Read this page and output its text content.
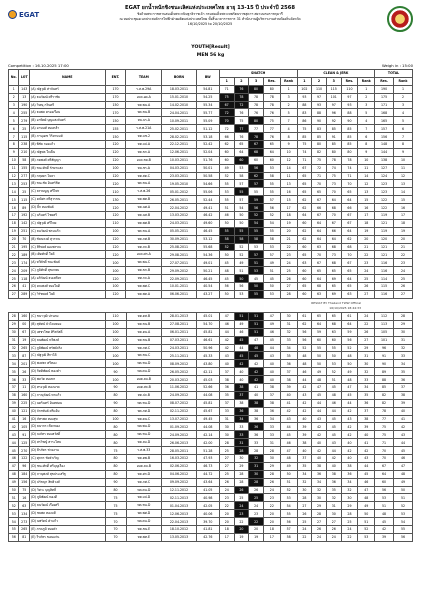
EGAT
EGAT ยกน้ำหนักชิงชนะเลิศแห่งประเทศไทย อายุ 13-15 ปี ประจำปี 2568
ชิงถ้วยพระราชทานสมเด็จพระกนิษฐาธิราชเจ้า กรมสมเด็จพระเทพรัตนราชสุดาฯ สยามบรมราชกุมารี
ณ หอประชุมอเนกประสงค์การไฟฟ้าฝ่ายผลิตแห่งประเทศไทย ทั้งสิ้นเวลาราชการ 31 สำนักงานผู้บริหารงานส่วนท้องถิ่นจังหวัด
16/10/2025 to 20/10/2025
YOUTH[Result]
MEN 56 kg
Competition : 16.10.2025 17:00	Weigh in : 15:00
No.	LOT	NAME	ENT.	TEAM	BORN	BW	SNATCH					CLEAN & JERK					TOTAL	
							1	2	3	Res.	Rank	1	2	3	Res.	Rank	Res.	Rank
1	143	(A) ณัฐวุฒิ ท่าจันทร์	170	ร.ส.พ.29A	18.03.2011	54.81	71	76	80	80	1	102	110	115	110	1	190	1
2	13	(A) ธนวัฒน์ ศรีราชัย	170	อบจ.อด.A	15.01.2010	54.25	75	78	78	78	3	93	97	101	97	2	175	2
3	190	(A) วิษณุ กวินศรี	150	ทต.พน.A	14.02.2010	55.34	67	72	78	78	2	88	93	97	93	3	171	3
4	255	(A) ธนพล ครองเรือน	170	ทต.ชน.B	24.04.2011	55.77	72	76	76	76	5	83	88	96	88	5	168	4
5	279	(B) อาทิตย์ บุญแสงจันทร์	150	ทม.บร.A	10.09.2011	55.09	70	75	80	75	7	86	90	92	90	4	165	5
6	25	(A) อานนท์ ทองกล้า	155	ร.ส.พ.21A	25.02.2011	51.12	72	77	77	77	4	75	83	85	85	7	157	6
7	115	(B) ภานุเดช วิริยานนท์	150	ทต.บช.2	28.02.2011	53.18	66	76	78	76	8	85	85	91	85	6	156	7
8	238	(B) พิชัย กองแก้ว	120	ทต.บป.A	22.12.2011	52.42	62	65	67	65	9	75	80	85	85	8	148	8
9	210	(A) ณัฐพล ใจเย็น	120	ทต.ขก.A	12.06.2011	52.04	60	64	68	64	10	74	82	80	80	9	144	9
10	58	(B) ภคพงศ์ ศรีสัญญา	120	อบจ.ชย.B	10.03.2011	51.76	60	60	60	60	12	71	75	78	78	10	138	10
11	155	(B) ชนะศักดิ์ รักษาแสง	100	ทม.ชร.A	04.03.2011	50.01	49	53	56	53	14	67	72	74	74	11	127	11
12	277	(B) กฤษดา โยธา	120	ทต.สต.C	23.03.2011	50.58	52	58	62	58	11	65	71	75	71	14	124	12
13	253	(B) ชนะชัย อินทร์ชิต	120	ทต.ชน.A	19.05.2010	54.66	55	57	57	55	13	65	70	73	70	12	123	13
14	25	(C) ธรรมนูญ ศรีไพร	110	ร.ส.พ.26	05.01.2012	55.06	53	55	55	55	16	65	65	70	65	13	123	14
15	115	(C) คณิศร ศรีสุวรรณ	130	ทต.พท.B	26.05.2011	52.44	55	57	59	57	15	62	67	64	64	15	122	15
16	89	(D) บิ้ก ทองพันธ์	120	ทต.นศ.A	22.04.2012	49.41	51	54	56	56	17	62	66	68	66	16	122	16
17	192	(C) นรินทร์ ไชยศรี	120	ทต.นส.B	13.03.2012	46.42	46	50	52	52	18	64	67	70	67	17	119	17
18	142	(C) ณัฐวุฒิ ศรีไทย	110	ทต.พศ.B	24.03.2011	49.60	50	50	54	54	19	60	64	67	67	18	121	18
19	251	(C) ธนวัฒน์ พรมแก้ว	100	ทต.ชน.A	05.05.2011	46.45	55	55	55	55	20	62	64	66	64	19	119	19
20	70	(B) ชัยณรงค์ สุวรรณ	120	ทต.ภศ.B	30.09.2011	53.12	58	58	58	58	21	62	64	64	62	20	120	20
21	195	(C) สิริพงษ์ ผองพรรณ	120	ทต.ภจ.B	25.08.2011	55.68	52	52	53	53	22	60	63	68	68	21	121	21
22	189	(B) เทิดศักดิ์ ใจดี	120	อบจ.ศก.A	29.08.2011	54.36	50	52	57	57	23	65	70	73	70	22	121	22
23	174	(A) ทวีศักดิ์ ชนะพันธ์	100	ทต.พน.C	27.07.2011	49.01	45	49	51	49	24	63	67	68	67	23	116	23
24	209	(C) ภูมิศักดิ์ สุขเกษม	100	ทต.ขก.B	29.09.2012	50.21	48	51	53	51	25	60	65	65	65	24	116	24
25	118	(A) อภิวัฒน์ ธนเสถียร	120	ทต.กจ.A	22.09.2011	46.45	45	50	45	45	26	60	64	69	64	25	114	25
26	41	(D) คณพงศ์ ทองใบดี	100	ทต.พศ.C	10.01.2011	40.54	56	56	50	50	27	65	68	65	65	26	115	26
27	289	(C) วิรัชพงษ์ ใจดี	120	ทต.พท.A	06.06.2011	43.27	50	53	55	53	28	60	63	69	63	27	116	27
RESULT BY Thailand TWW Official
16/10/2025 18:44:33
28	160	(C) ชนาวุฒิ ปานถม	110	ทต.ตส.B	28.01.2013	45.01	47	51	51	47	30	61	65	65	61	24	112	28
29	00	(B) สุทัศน์ บัวโคมทอง	100	ทต.ชน.B	27.08.2011	54.70	46	49	51	49	31	62	64	68	64	22	113	29
30	67	(D) เพชรโซต ศิริสวัสดิ์	100	ทต.ตน.A	06.01.2011	45.81	44	46	51	46	32	56	59	63	59	26	105	30
31	19	(D) ธนพัฒน์ ทวีพงษ์	100	ทต.ชน.B	07.03.2011	46.61	42	45	47	45	33	56	60	60	56	27	101	31
32	265	(C) ภูมิพัฒน์ ทรัพย์จริง	100	ทต.ภศ.C	24.03.2011	50.96	42	44	48	44	34	52	55	55	52	29	96	32
33	87	(C) ณัฐวุฒิ สีกาโต้	100	ทต.ชน.C	25.11.2011	45.33	43	45	45	43	35	48	50	50	48	31	91	33
34	201	(D) พงศธร ศรีทอง	100	ทต.ชน.D	08.09.2012	43.80	40	42	42	40	36	48	50	53	50	30	90	34
35	26	(D) กิตติพัฒน์ ทองคำ	90	ทต.ตน.D	26.05.2012	42.11	37	40	42	40	37	46	49	52	49	32	89	35
36	33	(D) พลวัต ทองทา	100	อบต.ลบ.B	20.03.2012	45.03	38	40	42	40	38	44	48	51	48	33	88	36
37	11	(D) ทรงวุฒิ ทองนาค	90	อบต.สจ.B	11.06.2012	52.66	36	38	41	38	39	42	47	45	47	34	85	37
38	160	(C) ภาณุวัฒน์ ทาแก้ว	80	ทต.ปจ.B	24.09.2012	44.08	35	37	40	37	40	43	45	48	45	35	82	38
39	225	(C) นครินทร์ อินทสอน	90	ทต.ชน.D	08.07.2012	45.81	37	38	38	38	41	42	44	46	44	36	82	39
40	121	(D) จักรพันธ์ ศรีแย้ม	80	ทต.ภศ.D	02.11.2012	45.67	33	36	38	36	42	42	44	44	42	37	78	40
41	16	(D) ภัทรพล ทองสุข	100	ทต.ตน.C	13.07.2012	49.45	31	34	36	34	43	40	43	45	43	38	77	41
42	105	(D) ธนากร เขียวทอง	80	ทต.พน.D	01.09.2012	44.08	30	33	36	33	44	39	42	45	42	39	75	42
43	91	(D) ณภัทร ทองสวัสดิ์	80	ทต.ชน.D	24.09.2012	42.14	30	33	36	33	45	39	42	45	42	40	75	43
44	125	(D) สรวิชญ์ สาระไทย	80	ทต.ลบ.D	26.06.2013	42.00	28	31	33	31	46	38	40	43	40	41	71	44
45	270	(D) ธีรภัทร ช่วยงาน	75	ร.ส.พ.33	28.05.2011	51.28	25	28	28	28	47	40	42	44	42	42	70	45
46	122	(C) ศุภกร ชัยจำเริญ	80	ทต.ตพ.B	16.03.2012	47.93	27	30	32	30	48	37	40	42	40	43	70	46
47	96	(D) ชนะศักดิ์ ศรีบุญเรือง	80	อบต.ลบ.B	02.06.2012	46.73	27	29	31	29	49	35	38	40	38	44	67	47
48	184	(D) ภานุพงษ์ สุขประเสริฐ	80	ทต.ศก.D	04.06.2012	44.72	25	28	30	28	50	34	36	38	36	45	64	48
49	156	(D) ปรัชญา สิทธิวงศ์	90	ทต.ภศ.C	09.09.2012	43.64	26	28	28	26	51	32	34	36	34	46	60	49
50	75	(D) วิศวะ บุญสิทธิ์	80	ทต.ตน.D	12.11.2012	41.05	24	26	26	24	52	30	32	35	32	47	56	50
51	16	(D) ภูมิพัฒน์ ทองดี	75	ทต.บป.D	02.11.2013	40.98	23	25	25	23	53	28	30	32	30	48	53	51
52	63	(D) ธนวัฒน์ เรืองศรี	75	ทต.ชน.D	01.04.2013	42.05	22	24	24	22	54	27	29	31	29	49	51	52
53	134	(D) ชยพล ทองแท้	75	ทต.พศ.D	12.06.2013	40.06	20	23	23	20	55	26	28	30	28	50	48	53
54	273	(D) นพรัตน์ คำแก้ว	70	ทต.ตน.D	22.04.2013	39.70	20	22	22	20	56	25	27	27	25	51	45	54
55	265	(E) ภาคภูมิ ทองคำ	70	ทต.ชน.E	18.10.2012	41.81	18	20	20	18	57	24	26	26	24	52	42	55
56	81	(E) วีรภัทร ขอนแก่น	70	ทต.พท.E	13.05.2013	42.76	17	19	19	17	58	22	24	24	22	53	39	56
